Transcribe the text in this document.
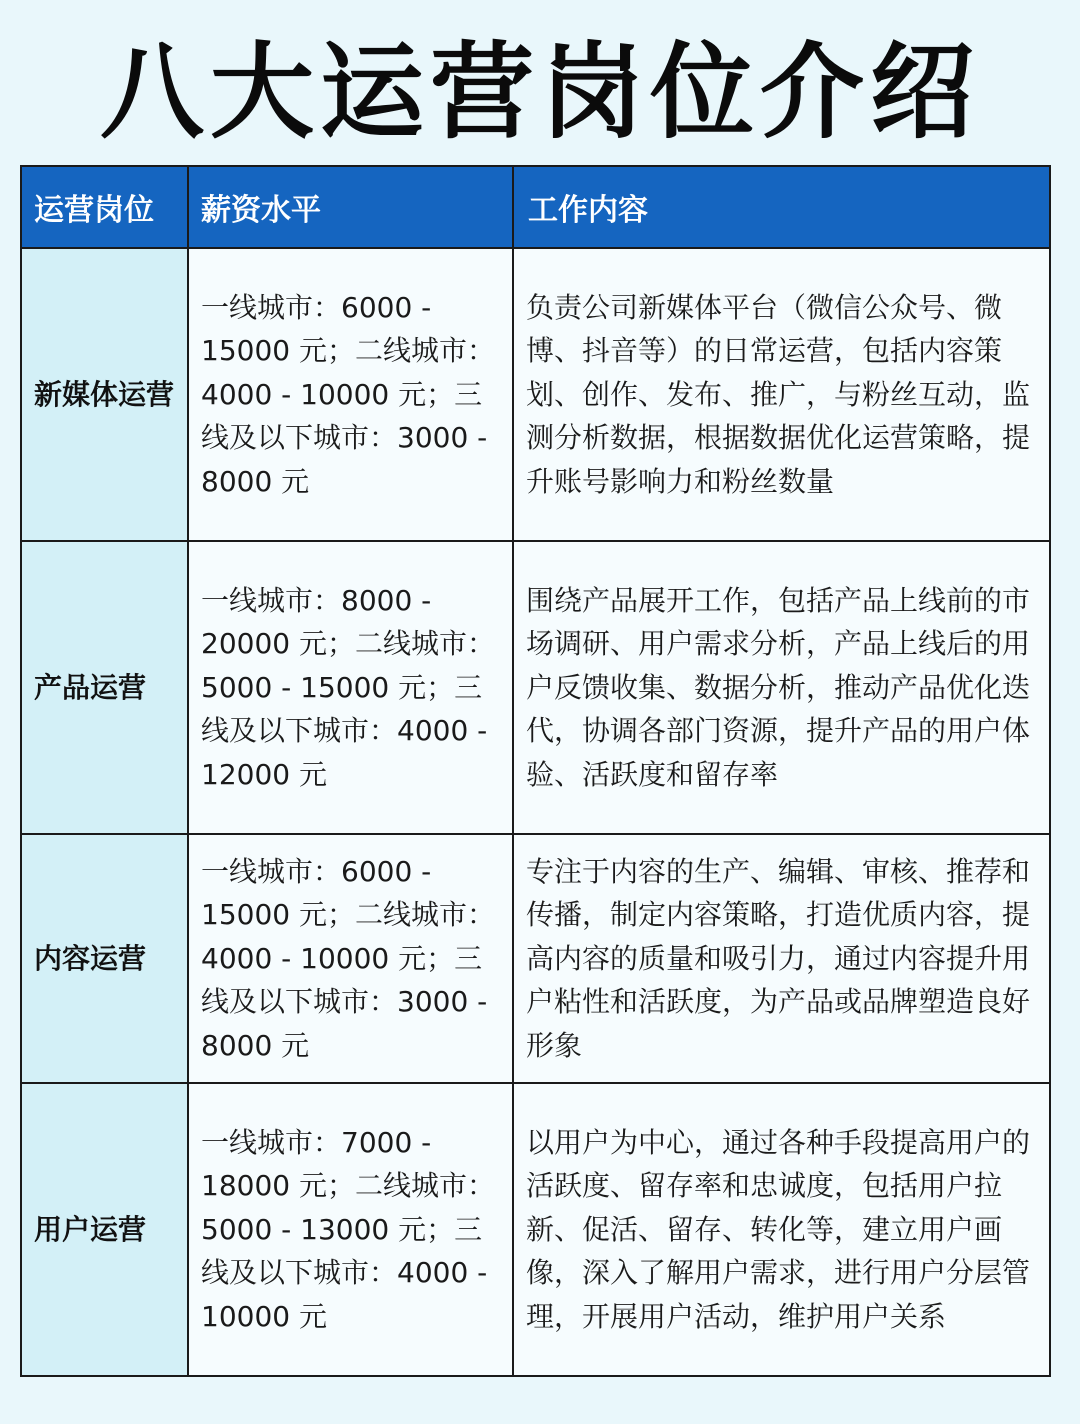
八大运营岗位介绍
运营岗位	薪资水平	工作内容
新媒体运营	一线城市：6000 - 15000 元；二线城市：4000 - 10000 元；三线及以下城市：3000 - 8000 元	负责公司新媒体平台（微信公众号、微博、抖音等）的日常运营，包括内容策划、创作、发布、推广，与粉丝互动，监测分析数据，根据数据优化运营策略，提升账号影响力和粉丝数量
产品运营	一线城市：8000 - 20000 元；二线城市：5000 - 15000 元；三线及以下城市：4000 - 12000 元	围绕产品展开工作，包括产品上线前的市场调研、用户需求分析，产品上线后的用户反馈收集、数据分析，推动产品优化迭代，协调各部门资源，提升产品的用户体验、活跃度和留存率
内容运营	一线城市：6000 - 15000 元；二线城市：4000 - 10000 元；三线及以下城市：3000 - 8000 元	专注于内容的生产、编辑、审核、推荐和传播，制定内容策略，打造优质内容，提高内容的质量和吸引力，通过内容提升用户粘性和活跃度，为产品或品牌塑造良好形象
用户运营	一线城市：7000 - 18000 元；二线城市：5000 - 13000 元；三线及以下城市：4000 - 10000 元	以用户为中心，通过各种手段提高用户的活跃度、留存率和忠诚度，包括用户拉新、促活、留存、转化等，建立用户画像，深入了解用户需求，进行用户分层管理，开展用户活动，维护用户关系
